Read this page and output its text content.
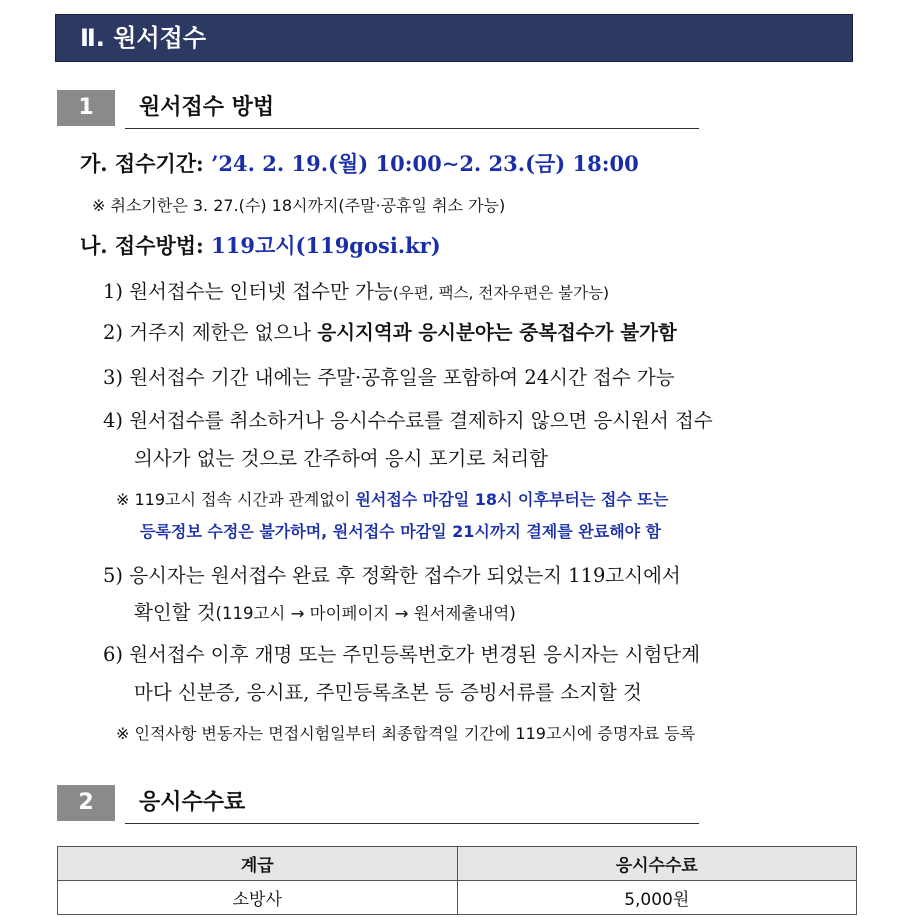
Ⅱ. 원서접수
1	원서접수 방법
가. 접수기간: ’24. 2. 19.(월) 10:00∼2. 23.(금) 18:00
※ 취소기한은 3. 27.(수) 18시까지(주말·공휴일 취소 가능)
나. 접수방법: 119고시(119gosi.kr)
1) 원서접수는 인터넷 접수만 가능(우편, 팩스, 전자우편은 불가능)
2) 거주지 제한은 없으나 응시지역과 응시분야는 중복접수가 불가함
3) 원서접수 기간 내에는 주말·공휴일을 포함하여 24시간 접수 가능
4) 원서접수를 취소하거나 응시수수료를 결제하지 않으면 응시원서 접수
의사가 없는 것으로 간주하여 응시 포기로 처리함
※ 119고시 접속 시간과 관계없이 원서접수 마감일 18시 이후부터는 접수 또는
등록정보 수정은 불가하며, 원서접수 마감일 21시까지 결제를 완료해야 함
5) 응시자는 원서접수 완료 후 정확한 접수가 되었는지 119고시에서
확인할 것(119고시 → 마이페이지 → 원서제출내역)
6) 원서접수 이후 개명 또는 주민등록번호가 변경된 응시자는 시험단계
마다 신분증, 응시표, 주민등록초본 등 증빙서류를 소지할 것
※ 인적사항 변동자는 면접시험일부터 최종합격일 기간에 119고시에 증명자료 등록
2	응시수수료
계급	응시수수료
소방사	5,000원
